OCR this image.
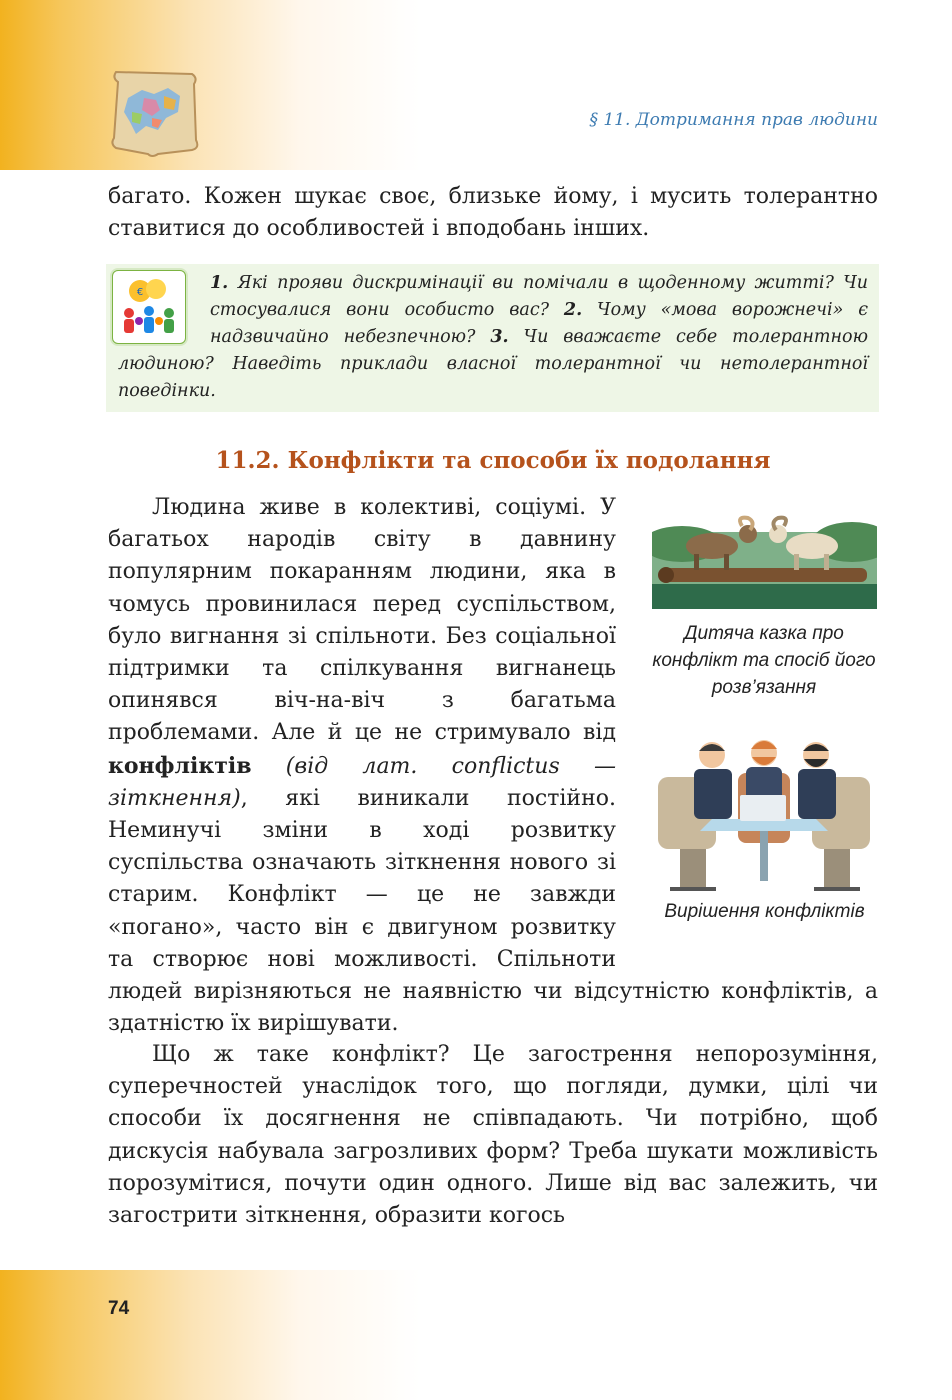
§ 11. Дотримання прав людини
багато. Кожен шукає своє, близьке йому, і мусить толерантно ставитися до особливостей і вподобань інших.
€	1. Які прояви дискримінації ви помічали в щоденному житті? Чи стосувалися вони особисто вас? 2. Чому «мова ворожнечі» є надзвичайно небезпечною? 3. Чи вважаєте себе толерантною людиною? Наведіть приклади власної толерантної чи нетолерантної поведінки.
11.2. Конфлікти та способи їх подолання
Людина живе в колективі, соціумі. У багатьох народів світу в давнину популярним покаранням людини, яка в чомусь провинилася перед суспільством, було вигнання зі спільноти. Без соціальної підтримки та спілкування вигнанець опинявся віч-на-віч з багатьма проблемами. Але й це не стримувало від конфліктів (від лат. conflictus — зіткнення), які виникали постійно. Неминучі зміни в ході розвитку суспільства означають зіткнення нового зі старим. Конфлікт — це не завжди «погано», часто він є двигуном розвитку та створює нові можливості. Спільноти людей вирізняються не наявністю чи відсутністю конфліктів, а здатністю їх вирішувати.
Що ж таке конфлікт? Це загострення непорозуміння, суперечностей унаслідок того, що погляди, думки, цілі чи способи їх досягнення не співпадають. Чи потрібно, щоб дискусія набувала загрозливих форм? Треба шукати можливість порозумітися, почути один одного. Лише від вас залежить, чи загострити зіткнення, образити когось
Дитяча казка про конфлікт та спосіб його розв’язання
Вирішення конфліктів
74
